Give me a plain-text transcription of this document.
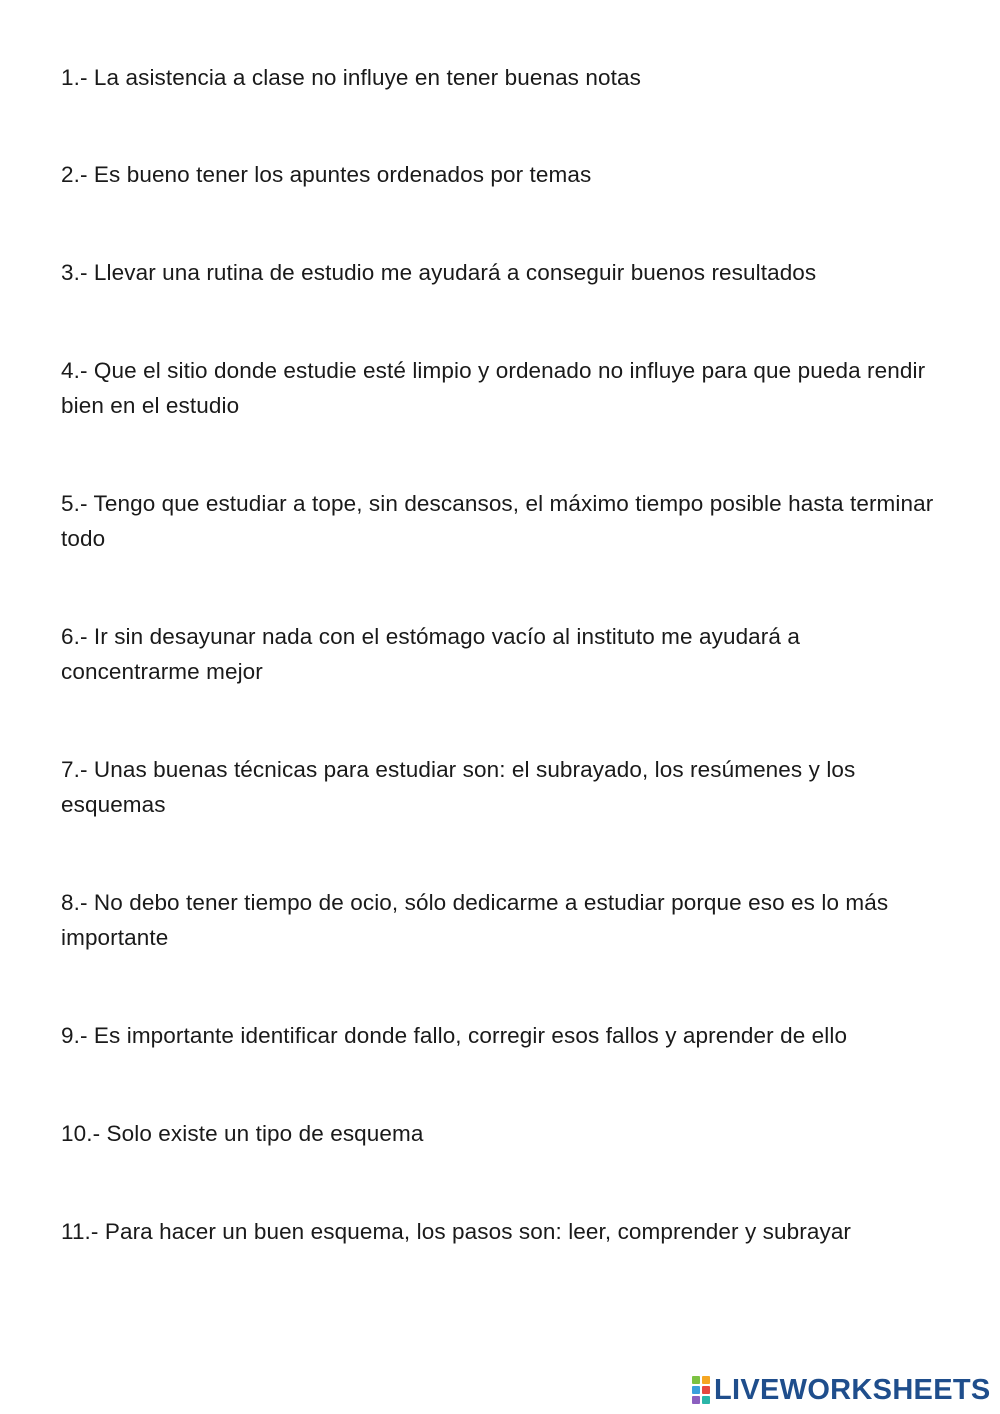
1.- La asistencia a clase no influye en tener buenas notas

2.- Es bueno tener los apuntes ordenados por temas

3.- Llevar una rutina de estudio me ayudará a conseguir buenos resultados

4.- Que el sitio donde estudie esté limpio y ordenado no influye para que pueda rendir bien en el estudio

5.- Tengo que estudiar a tope, sin descansos, el máximo tiempo posible hasta terminar todo

6.- Ir sin desayunar nada con el estómago vacío al instituto me ayudará a concentrarme mejor

7.- Unas buenas técnicas para estudiar son: el subrayado, los resúmenes y los esquemas

8.- No debo tener tiempo de ocio, sólo dedicarme a estudiar porque eso es lo más importante

9.- Es importante identificar donde fallo, corregir esos fallos y aprender de ello

10.- Solo existe un tipo de esquema

11.- Para hacer un buen esquema, los pasos son: leer, comprender y subrayar

LIVEWORKSHEETS
